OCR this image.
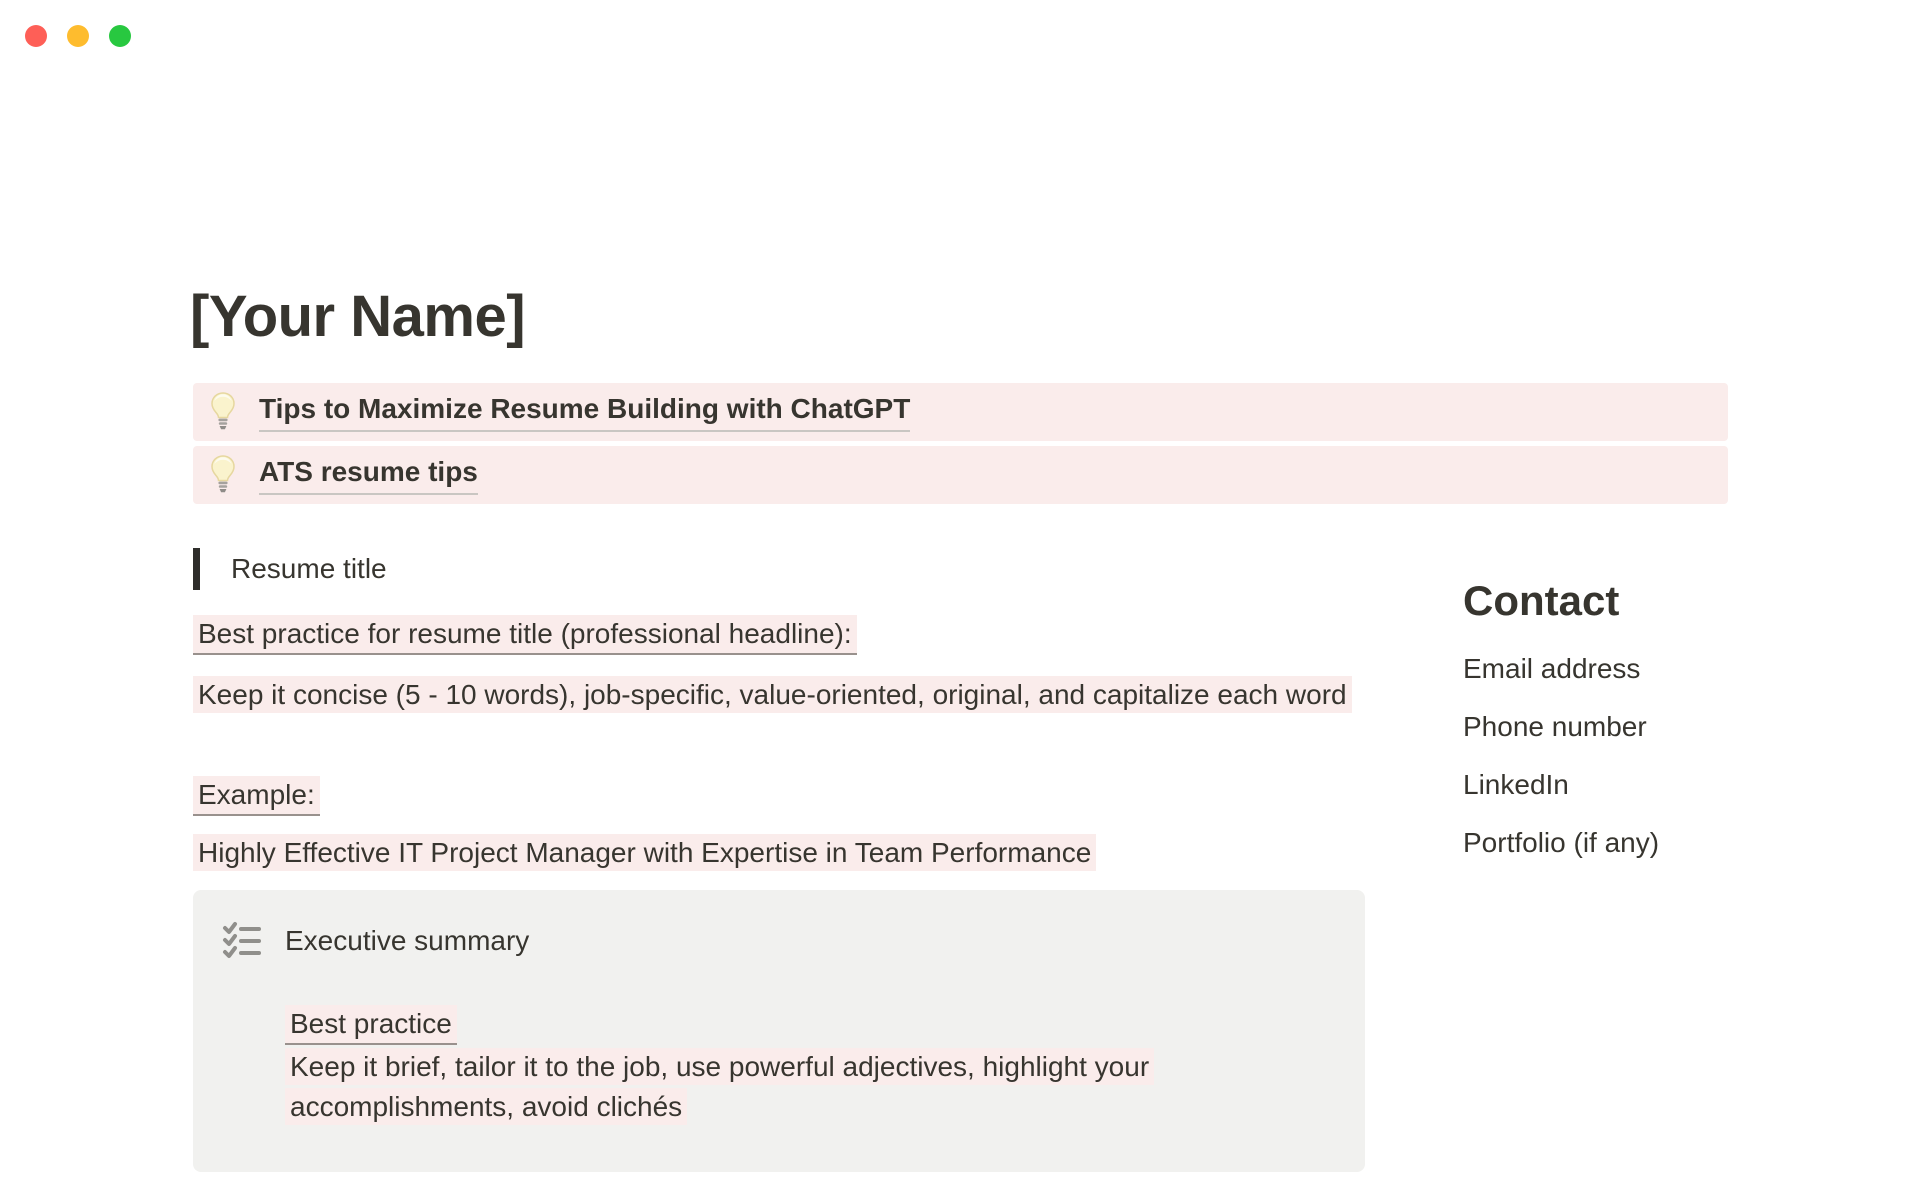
[Your Name]
Tips to Maximize Resume Building with ChatGPT
ATS resume tips
Resume title

Best practice for resume title (professional headline):

Keep it concise (5 - 10 words), job-specific, value-oriented, original, and capitalize each word

Example:

Highly Effective IT Project Manager with Expertise in Team Performance

Executive summary

Best practice

Keep it brief, tailor it to the job, use powerful adjectives, highlight your accomplishments, avoid clichés

Contact

Email address

Phone number

LinkedIn

Portfolio (if any)
